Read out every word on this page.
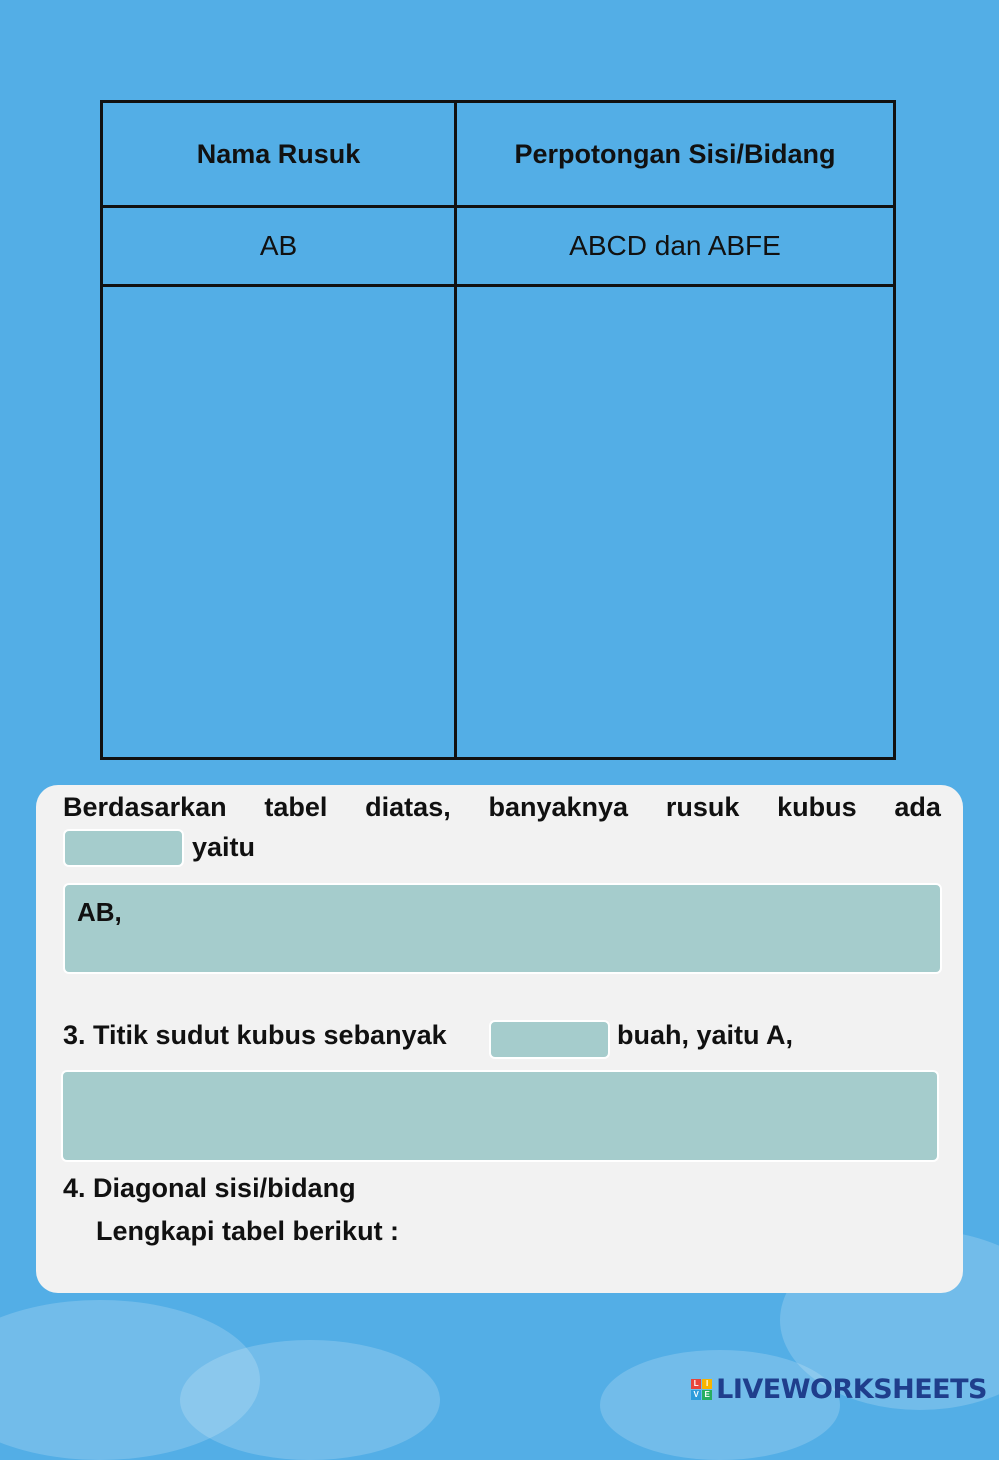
Nama Rusuk	Perpotongan Sisi/Bidang
AB	ABCD dan ABFE
Berdasarkan tabel diatas, banyaknya rusuk kubus ada
yaitu
AB,
3. Titik sudut kubus sebanyak	buah, yaitu A,
4. Diagonal sisi/bidang
Lengkapi tabel berikut :
L I
V E LIVEWORKSHEETS
